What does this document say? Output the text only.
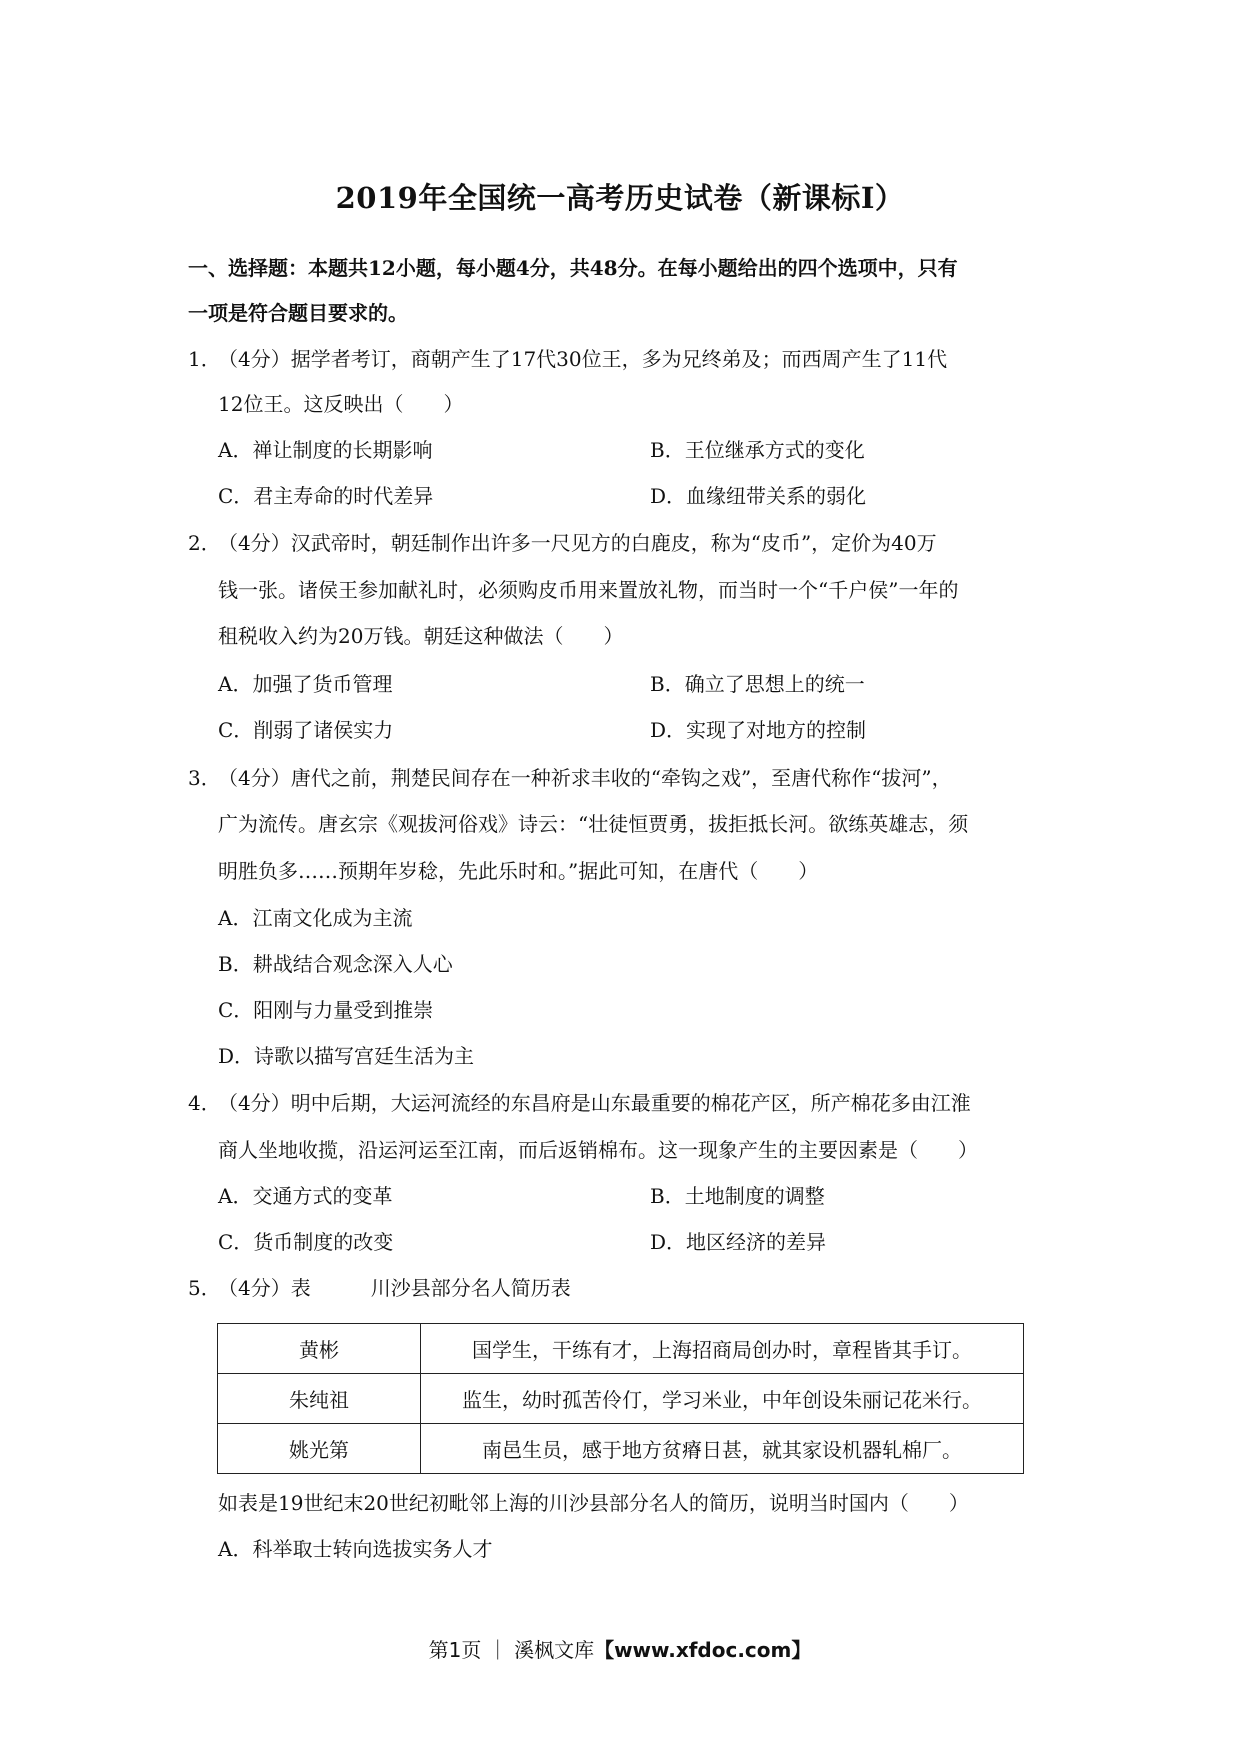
2019年全国统一高考历史试卷（新课标Ⅰ）
一、选择题：本题共12小题，每小题4分，共48分。在每小题给出的四个选项中，只有
一项是符合题目要求的。
1．
（4分）据学者考订，商朝产生了17代30位王，多为兄终弟及；而西周产生了11代
12位王。这反映出（　　）
A．禅让制度的长期影响	B．王位继承方式的变化
C．君主寿命的时代差异	D．血缘纽带关系的弱化
2．
（4分）汉武帝时，朝廷制作出许多一尺见方的白鹿皮，称为“皮币”，定价为40万
钱一张。诸侯王参加献礼时，必须购皮币用来置放礼物，而当时一个“千户侯”一年的
租税收入约为20万钱。朝廷这种做法（　　）
A．加强了货币管理	B．确立了思想上的统一
C．削弱了诸侯实力	D．实现了对地方的控制
3．
（4分）唐代之前，荆楚民间存在一种祈求丰收的“牵钩之戏”，至唐代称作“拔河”，
广为流传。唐玄宗《观拔河俗戏》诗云：“壮徒恒贾勇，拔拒抵长河。欲练英雄志，须
明胜负多……预期年岁稔，先此乐时和。”据此可知，在唐代（　　）
A．江南文化成为主流
B．耕战结合观念深入人心
C．阳刚与力量受到推崇
D．诗歌以描写宫廷生活为主
4．
（4分）明中后期，大运河流经的东昌府是山东最重要的棉花产区，所产棉花多由江淮
商人坐地收揽，沿运河运至江南，而后返销棉布。这一现象产生的主要因素是（　　）
A．交通方式的变革	B．土地制度的调整
C．货币制度的改变	D．地区经济的差异
5．
（4分）表　　　川沙县部分名人简历表
黄彬	国学生，干练有才，上海招商局创办时，章程皆其手订。
朱纯祖	监生，幼时孤苦伶仃，学习米业，中年创设朱丽记花米行。
姚光第	南邑生员，感于地方贫瘠日甚，就其家设机器轧棉厂。
如表是19世纪末20世纪初毗邻上海的川沙县部分名人的简历，说明当时国内（　　）
A．科举取士转向选拔实务人才
第1页 ｜ 溪枫文库【www.xfdoc.com】
